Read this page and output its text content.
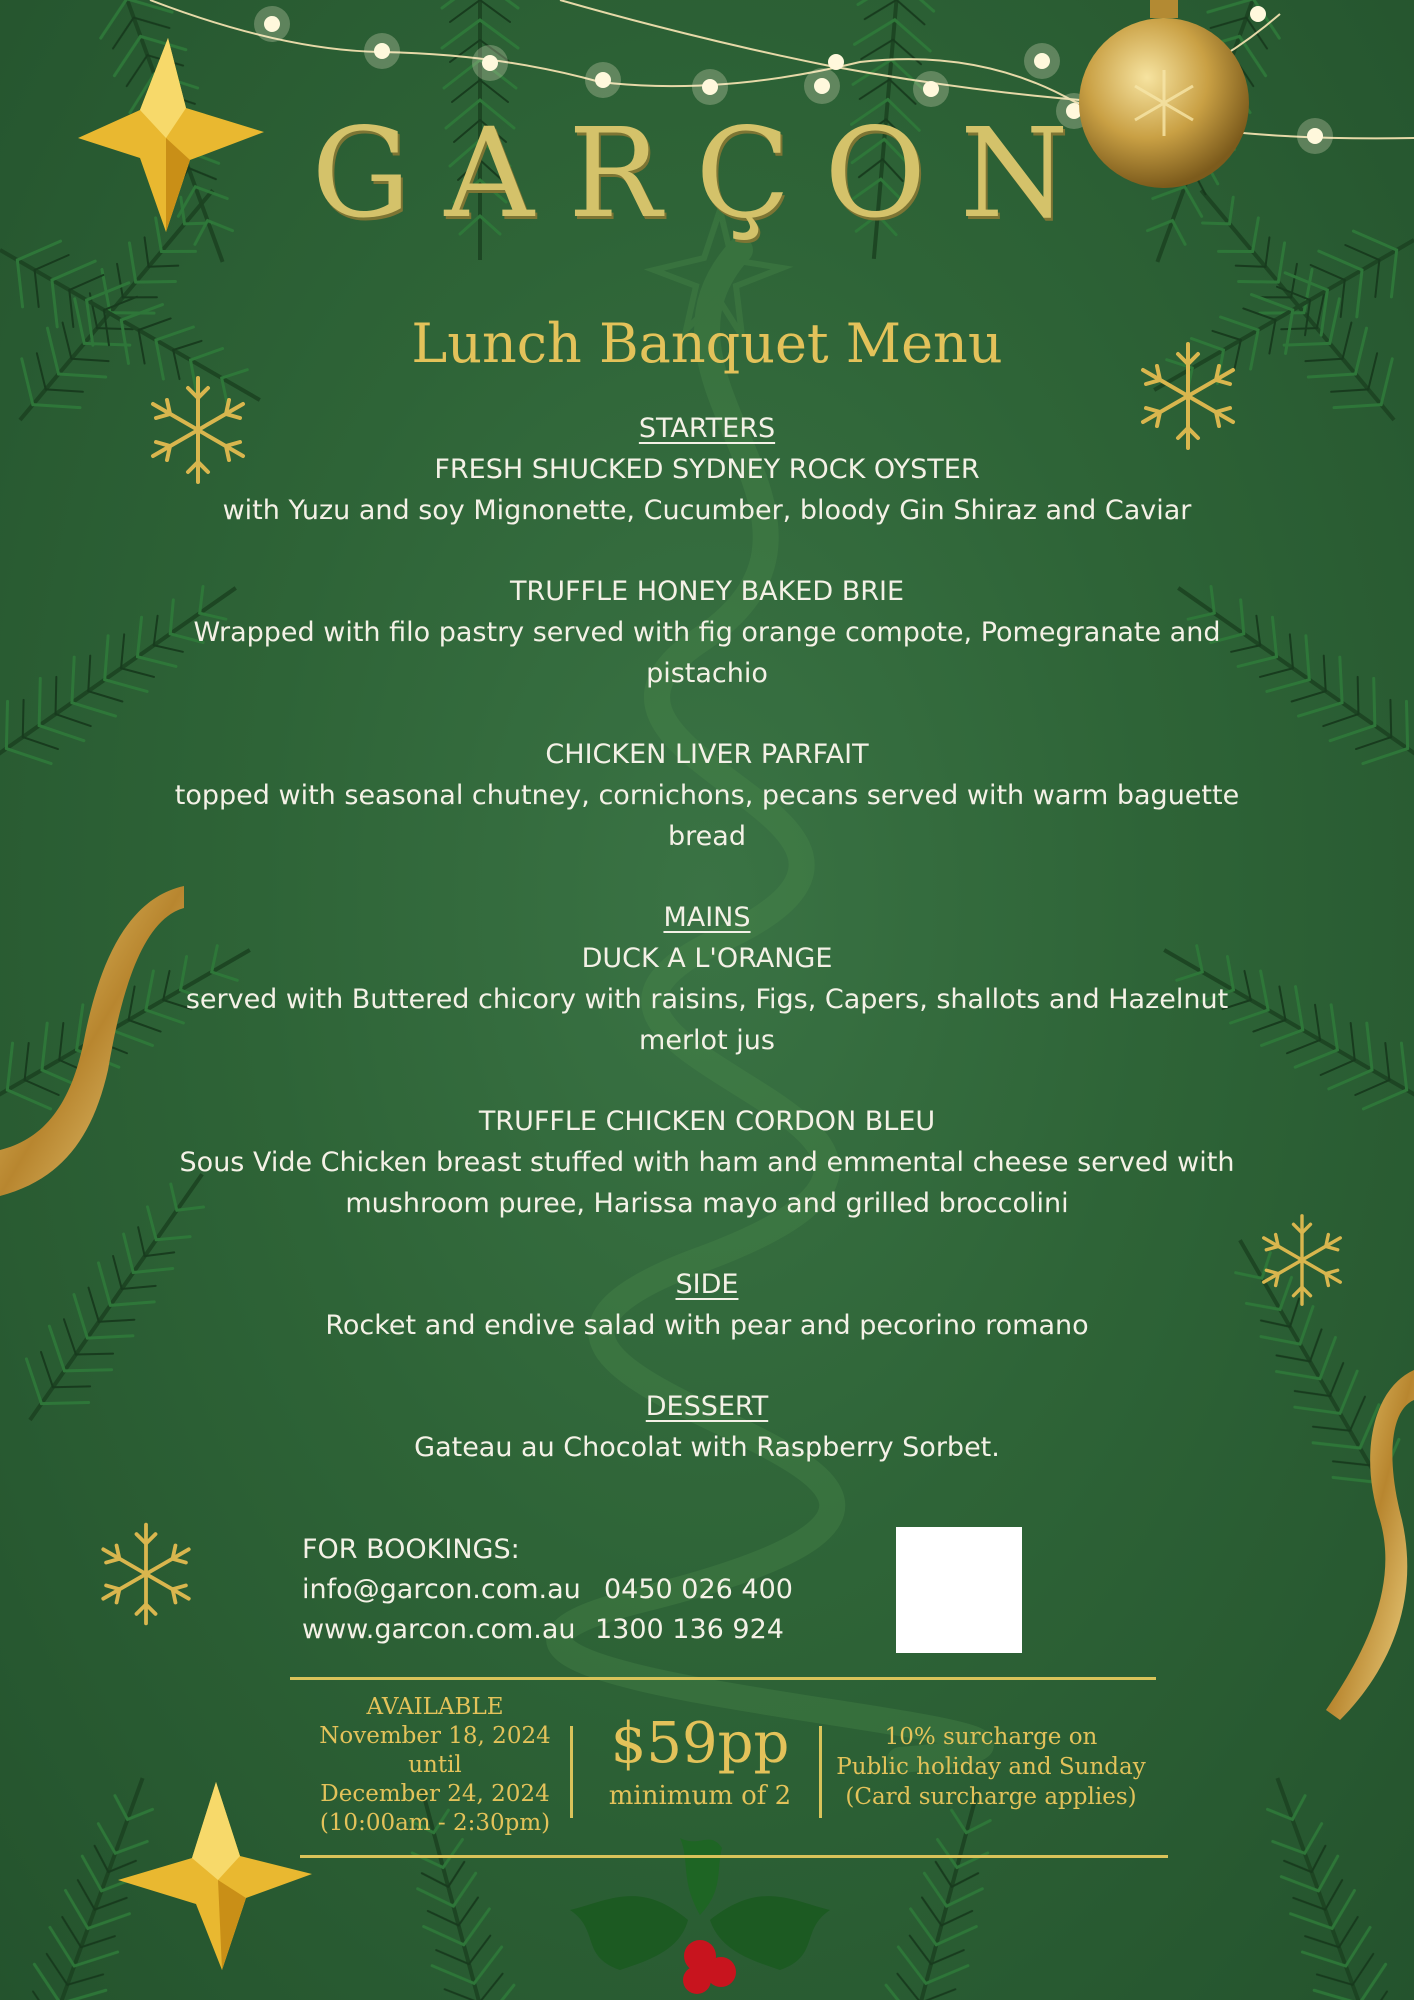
GARÇON
Lunch Banquet Menu
STARTERS
FRESH SHUCKED SYDNEY ROCK OYSTER
with Yuzu and soy Mignonette, Cucumber, bloody Gin Shiraz and Caviar
TRUFFLE HONEY BAKED BRIE
Wrapped with filo pastry served with fig orange compote, Pomegranate and pistachio
CHICKEN LIVER PARFAIT
topped with seasonal chutney, cornichons, pecans served with warm baguette bread
MAINS
DUCK A L'ORANGE
served with Buttered chicory with raisins, Figs, Capers, shallots and Hazelnut merlot jus
TRUFFLE CHICKEN CORDON BLEU
Sous Vide Chicken breast stuffed with ham and emmental cheese served with mushroom puree, Harissa mayo and grilled broccolini
SIDE
Rocket and endive salad with pear and pecorino romano
DESSERT
Gateau au Chocolat with Raspberry Sorbet.
FOR BOOKINGS:
info@garcon.com.au 0450 026 400
www.garcon.com.au 1300 136 924
AVAILABLE
November 18, 2024
until
December 24, 2024
(10:00am - 2:30pm)
$59pp
minimum of 2
10% surcharge on
Public holiday and Sunday
(Card surcharge applies)
